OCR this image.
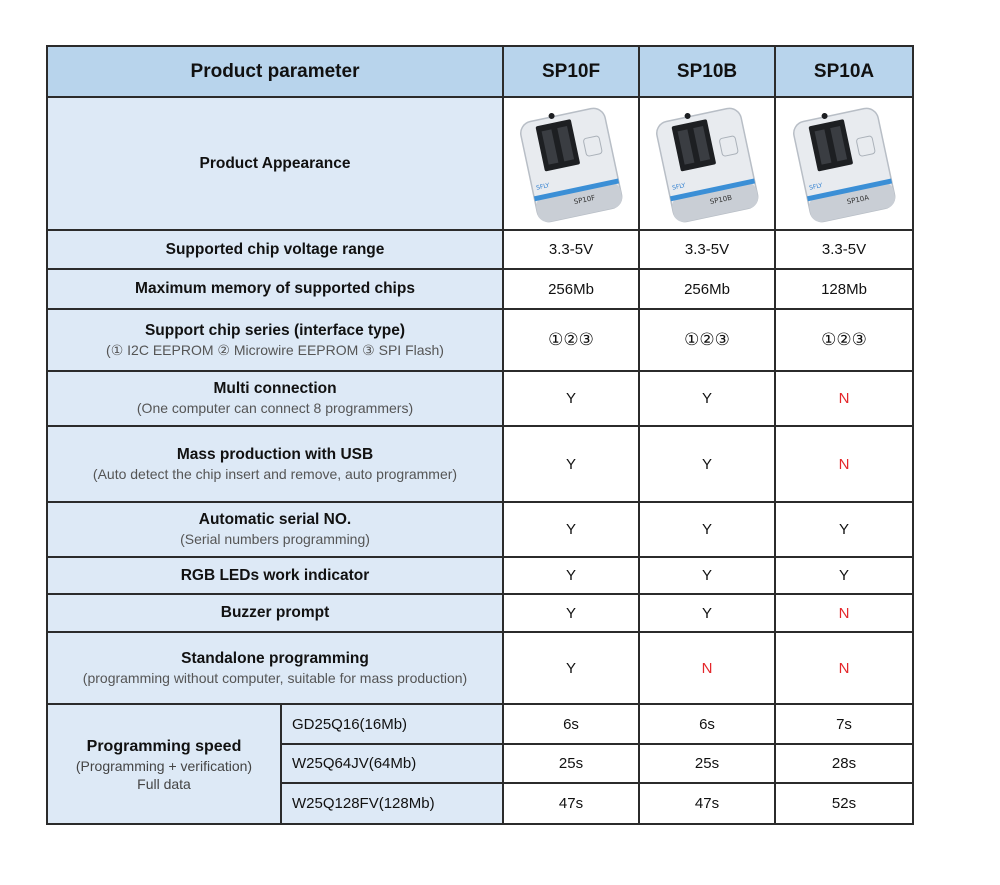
Product parameter		SP10F	SP10B	SP10A

Product Appearance		SFLY
SP10F	SFLY
SP10B	SFLY
SP10A

Supported chip voltage range		3.3-5V	3.3-5V	3.3-5V

Maximum memory of supported chips		256Mb	256Mb	128Mb

Support chip series (interface type)
(① I2C EEPROM ② Microwire EEPROM ③ SPI Flash)		①②③	①②③	①②③

Multi connection
(One computer can connect 8 programmers)		Y	Y	N

Mass production with USB
(Auto detect the chip insert and remove, auto programmer)		Y	Y	N

Automatic serial NO.
(Serial numbers programming)		Y	Y	Y

RGB LEDs work indicator		Y	Y	Y

Buzzer prompt		Y	Y	N

Standalone programming
(programming without computer, suitable for mass production)		Y	N	N

Programming speed
(Programming + verification)
Full data	GD25Q16(16Mb)	6s	6s	7s
	W25Q64JV(64Mb)	25s	25s	28s
	W25Q128FV(128Mb)	47s	47s	52s
